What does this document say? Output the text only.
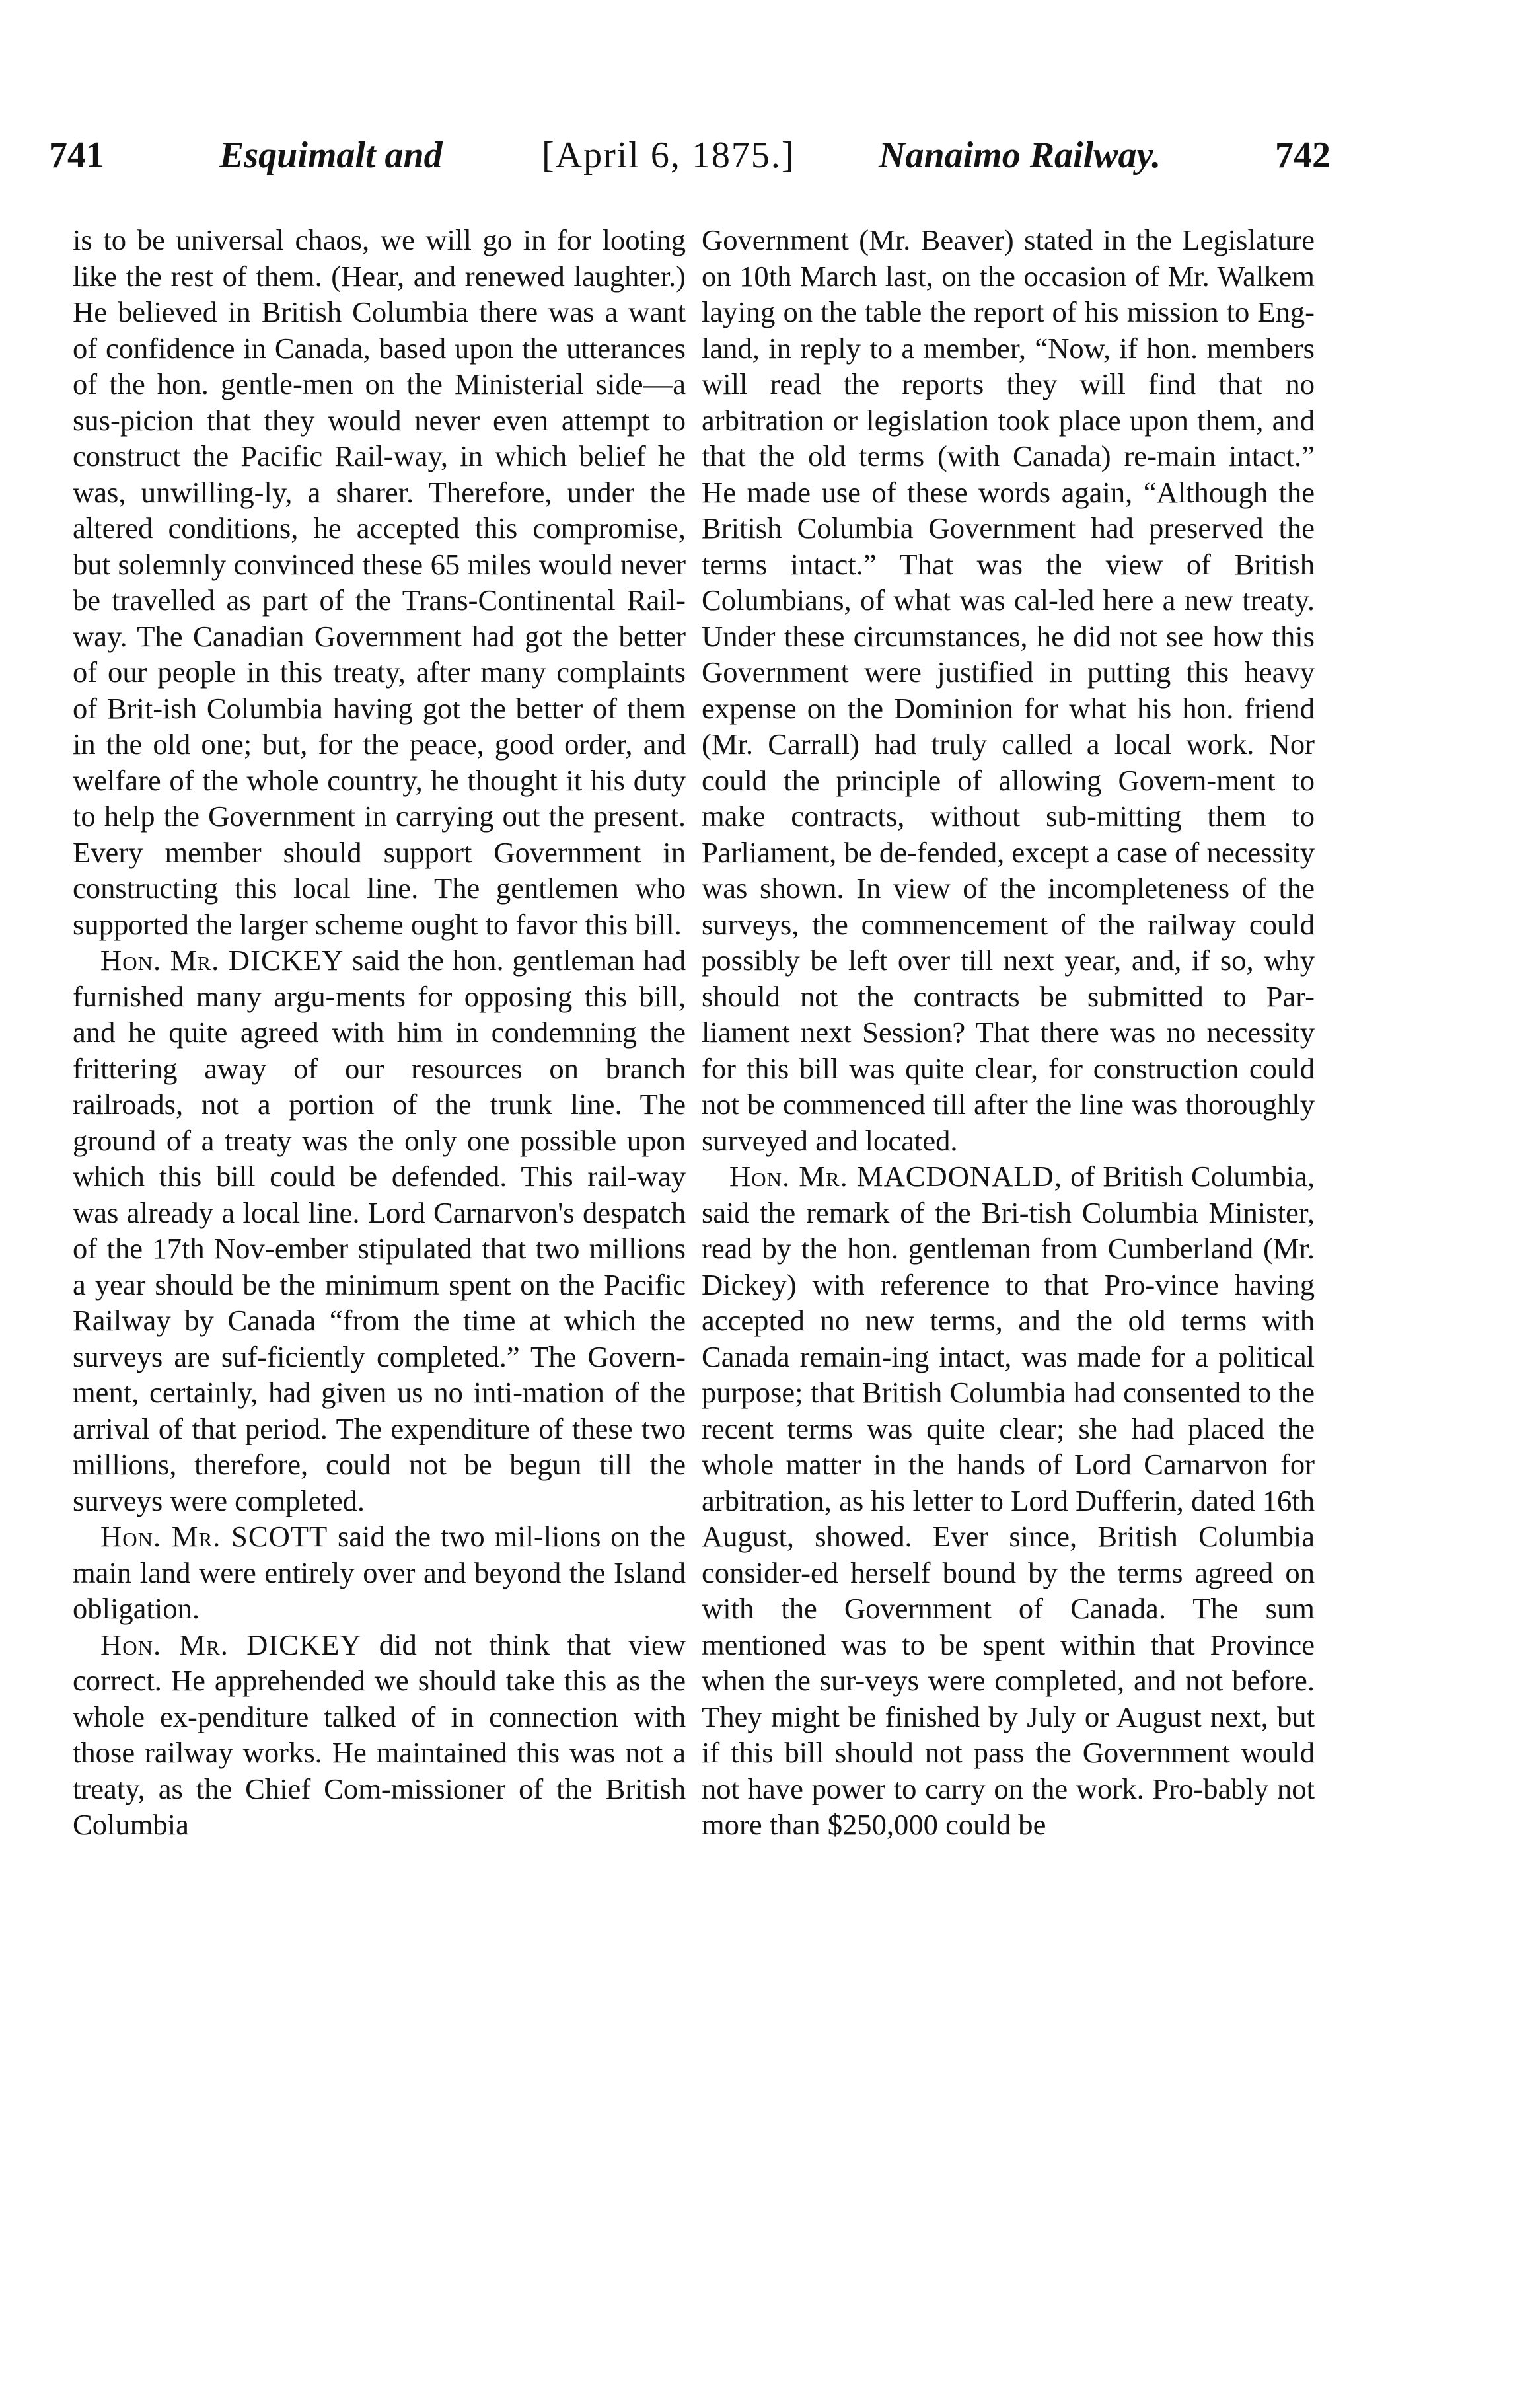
741	Esquimalt and	[April 6, 1875.] Nanaimo Railway.	742

is to be universal chaos, we will go in for looting like the rest of them. (Hear, and renewed laughter.) He believed in British Columbia there was a want of confidence in Canada, based upon the utterances of the hon. gentle-men on the Ministerial side—a sus-picion that they would never even attempt to construct the Pacific Rail-way, in which belief he was, unwilling-ly, a sharer. Therefore, under the altered conditions, he accepted this compromise, but solemnly convinced these 65 miles would never be travelled as part of the Trans-Continental Rail-way. The Canadian Government had got the better of our people in this treaty, after many complaints of Brit-ish Columbia having got the better of them in the old one; but, for the peace, good order, and welfare of the whole country, he thought it his duty to help the Government in carrying out the present. Every member should support Government in constructing this local line. The gentlemen who supported the larger scheme ought to favor this bill.

Hon. Mr. DICKEY said the hon. gentleman had furnished many argu-ments for opposing this bill, and he quite agreed with him in condemning the frittering away of our resources on branch railroads, not a portion of the trunk line. The ground of a treaty was the only one possible upon which this bill could be defended. This rail-way was already a local line. Lord Carnarvon's despatch of the 17th Nov-ember stipulated that two millions a year should be the minimum spent on the Pacific Railway by Canada “from the time at which the surveys are suf-ficiently completed.” The Govern-ment, certainly, had given us no inti-mation of the arrival of that period. The expenditure of these two millions, therefore, could not be begun till the surveys were completed.

Hon. Mr. SCOTT said the two mil-lions on the main land were entirely over and beyond the Island obligation.

Hon. Mr. DICKEY did not think that view correct. He apprehended we should take this as the whole ex-penditure talked of in connection with those railway works. He maintained this was not a treaty, as the Chief Com-missioner of the British Columbia

Government (Mr. Beaver) stated in the Legislature on 10th March last, on the occasion of Mr. Walkem laying on the table the report of his mission to Eng-land, in reply to a member, “Now, if hon. members will read the reports they will find that no arbitration or legislation took place upon them, and that the old terms (with Canada) re-main intact.” He made use of these words again, “Although the British Columbia Government had preserved the terms intact.” That was the view of British Columbians, of what was cal-led here a new treaty. Under these circumstances, he did not see how this Government were justified in putting this heavy expense on the Dominion for what his hon. friend (Mr. Carrall) had truly called a local work. Nor could the principle of allowing Govern-ment to make contracts, without sub-mitting them to Parliament, be de-fended, except a case of necessity was shown. In view of the incompleteness of the surveys, the commencement of the railway could possibly be left over till next year, and, if so, why should not the contracts be submitted to Par-liament next Session? That there was no necessity for this bill was quite clear, for construction could not be commenced till after the line was thoroughly surveyed and located.

Hon. Mr. MACDONALD, of British Columbia, said the remark of the Bri-tish Columbia Minister, read by the hon. gentleman from Cumberland (Mr. Dickey) with reference to that Pro-vince having accepted no new terms, and the old terms with Canada remain-ing intact, was made for a political purpose; that British Columbia had consented to the recent terms was quite clear; she had placed the whole matter in the hands of Lord Carnarvon for arbitration, as his letter to Lord Dufferin, dated 16th August, showed. Ever since, British Columbia consider-ed herself bound by the terms agreed on with the Government of Canada. The sum mentioned was to be spent within that Province when the sur-veys were completed, and not before. They might be finished by July or August next, but if this bill should not pass the Government would not have power to carry on the work. Pro-bably not more than $250,000 could be
